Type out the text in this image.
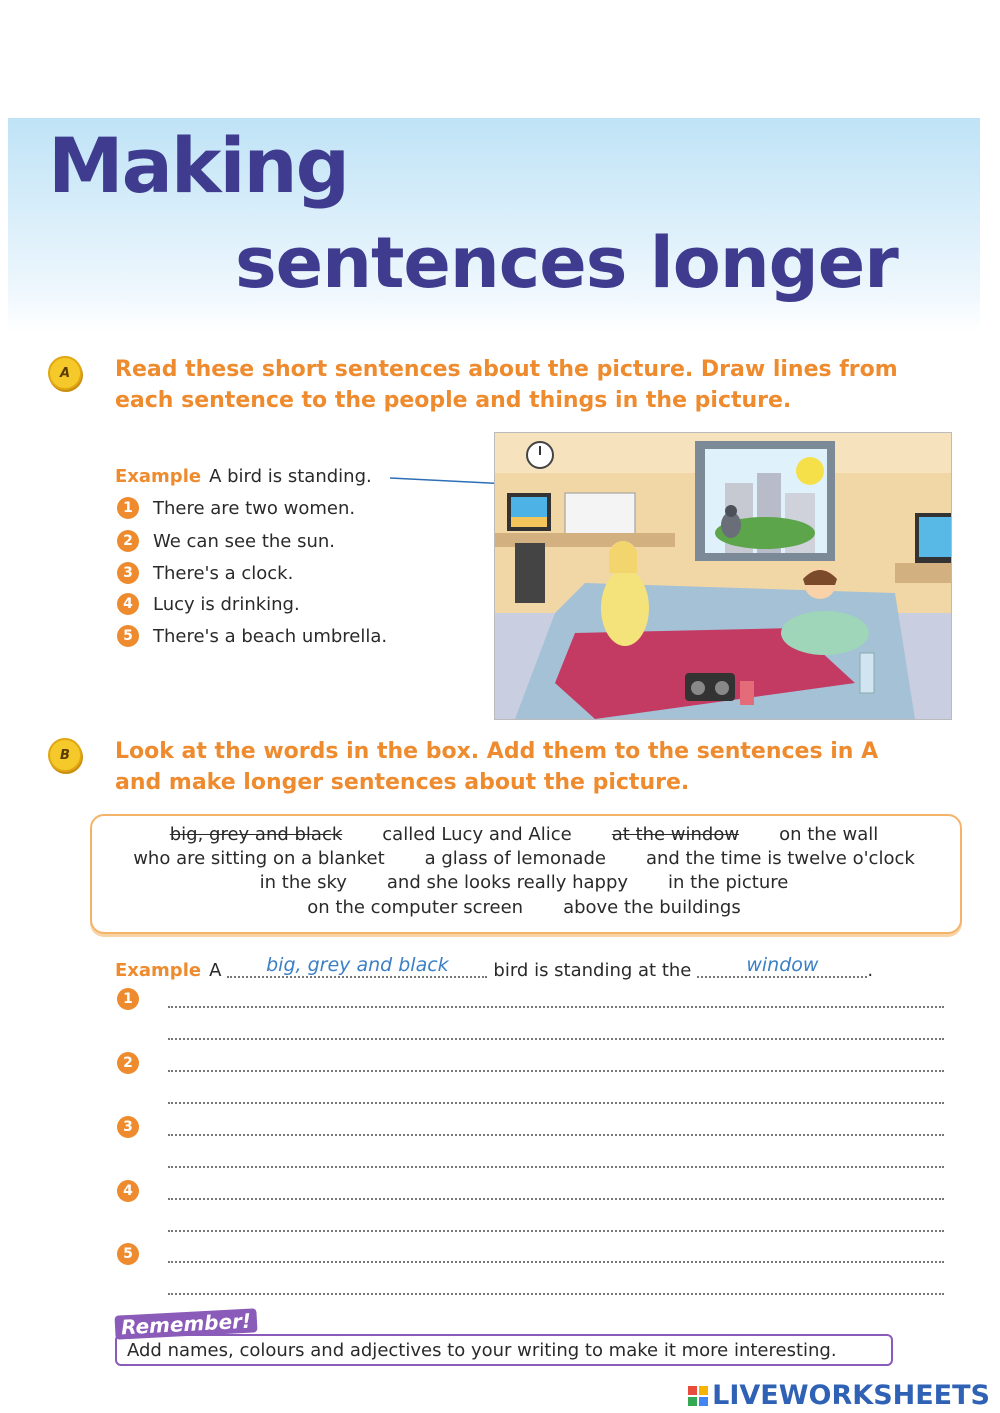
Making
sentences longer
A	Read these short sentences about the picture. Draw lines from
each sentence to the people and things in the picture.
Example A bird is standing.
1	There are two women.
2	We can see the sun.
3	There's a clock.
4	Lucy is drinking.
5	There's a beach umbrella.
B	Look at the words in the box. Add them to the sentences in A
and make longer sentences about the picture.
big, grey and black called Lucy and Alice at the window on the wall
who are sitting on a blanket a glass of lemonade and the time is twelve o'clock
in the sky and she looks really happy in the picture
on the computer screen above the buildings
Example A	big, grey and black	bird is standing at the	window	.
1
2
3
4
5
Add names, colours and adjectives to your writing to make it more interesting.
Remember!
LIVEWORKSHEETS
